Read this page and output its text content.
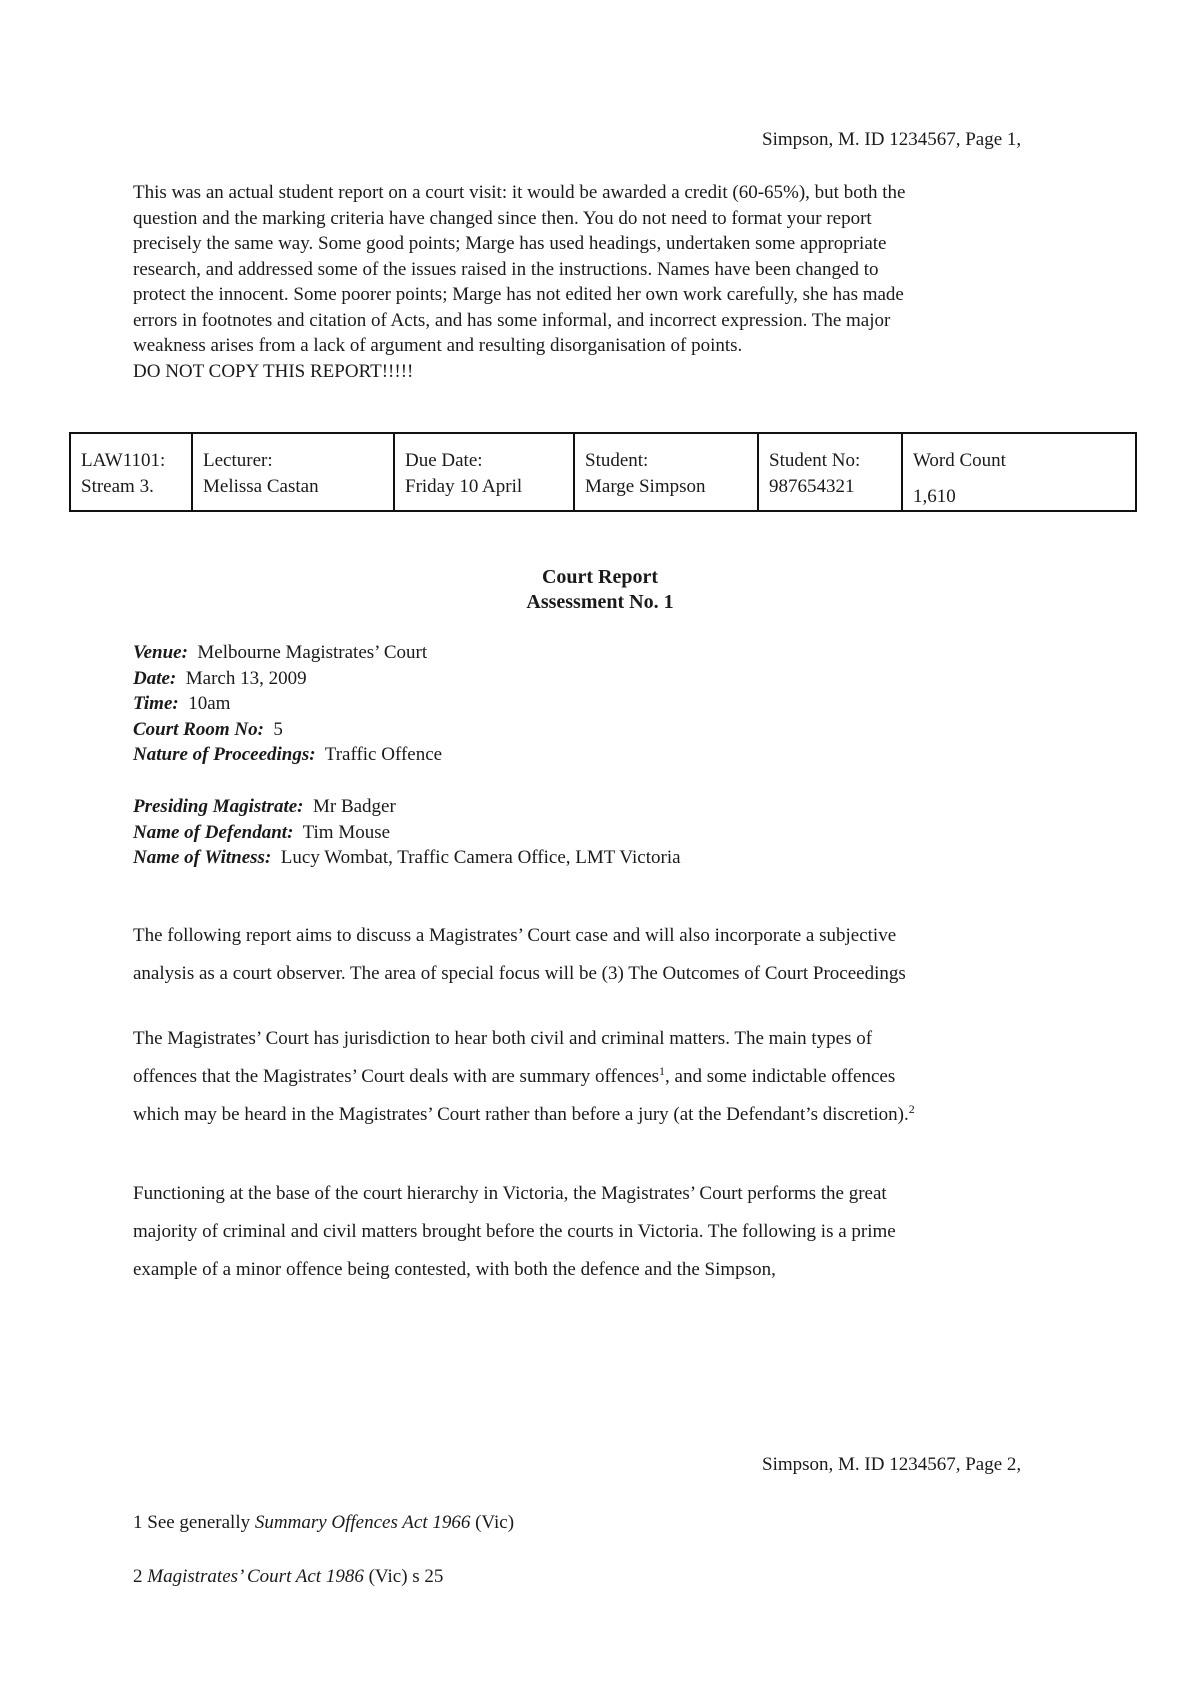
Simpson, M. ID 1234567, Page 1,
This was an actual student report on a court visit: it would be awarded a credit (60-65%), but both the
question and the marking criteria have changed since then. You do not need to format your report
precisely the same way. Some good points; Marge has used headings, undertaken some appropriate
research, and addressed some of the issues raised in the instructions. Names have been changed to
protect the innocent. Some poorer points; Marge has not edited her own work carefully, she has made
errors in footnotes and citation of Acts, and has some informal, and incorrect expression. The major
weakness arises from a lack of argument and resulting disorganisation of points.
DO NOT COPY THIS REPORT!!!!!
LAW1101:
Stream 3.

Lecturer:
Melissa Castan

Due Date:
Friday 10 April

Student:
Marge Simpson

Student No:
987654321

Word Count
1,610
Court Report
Assessment No. 1
Venue: Melbourne Magistrates’ Court
Date: March 13, 2009
Time: 10am
Court Room No: 5
Nature of Proceedings: Traffic Offence
Presiding Magistrate: Mr Badger
Name of Defendant: Tim Mouse
Name of Witness: Lucy Wombat, Traffic Camera Office, LMT Victoria
The following report aims to discuss a Magistrates’ Court case and will also incorporate a subjective
analysis as a court observer. The area of special focus will be (3) The Outcomes of Court Proceedings
The Magistrates’ Court has jurisdiction to hear both civil and criminal matters. The main types of
offences that the Magistrates’ Court deals with are summary offences$^1$, and some indictable offences
which may be heard in the Magistrates’ Court rather than before a jury (at the Defendant’s discretion).$^2$
Functioning at the base of the court hierarchy in Victoria, the Magistrates’ Court performs the great
majority of criminal and civil matters brought before the courts in Victoria. The following is a prime
example of a minor offence being contested, with both the defence and the Simpson,
Simpson, M. ID 1234567, Page 2,
1 See generally Summary Offences Act 1966 (Vic)
2 Magistrates’ Court Act 1986 (Vic) s 25
